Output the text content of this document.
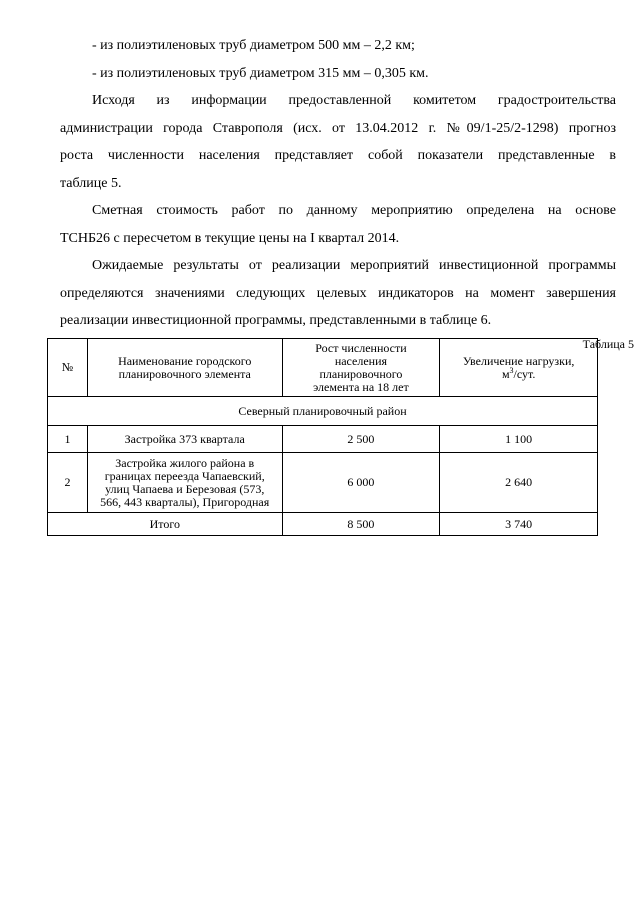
- из полиэтиленовых труб диаметром 500 мм – 2,2 км;

- из полиэтиленовых труб диаметром 315 мм – 0,305 км.

Исходя из информации предоставленной комитетом градостроительства

администрации города Ставрополя (исх. от 13.04.2012 г. №09/1-25/2-1298) прогноз

роста численности населения представляет собой показатели представленные в

таблице 5.

Сметная стоимость работ по данному мероприятию определена на основе

ТСНБ26 с пересчетом в текущие цены на I квартал 2014.

Ожидаемые результаты от реализации мероприятий инвестиционной программы

определяются значениями следующих целевых индикаторов на момент завершения

реализации инвестиционной программы, представленными в таблице 6.

Таблица 5
№	Наименование городского планировочного элемента	Рост численности населения планировочного элемента на 18 лет	Увеличение нагрузки, $м^3$/сут.
Северный планировочный район			
1	Застройка 373 квартала	2 500	1 100
2	Застройка жилого района в границах переезда Чапаевский, улиц Чапаева и Березовая (573, 566, 443 кварталы), Пригородная	6 000	2 640
Итого		8 500	3 740
